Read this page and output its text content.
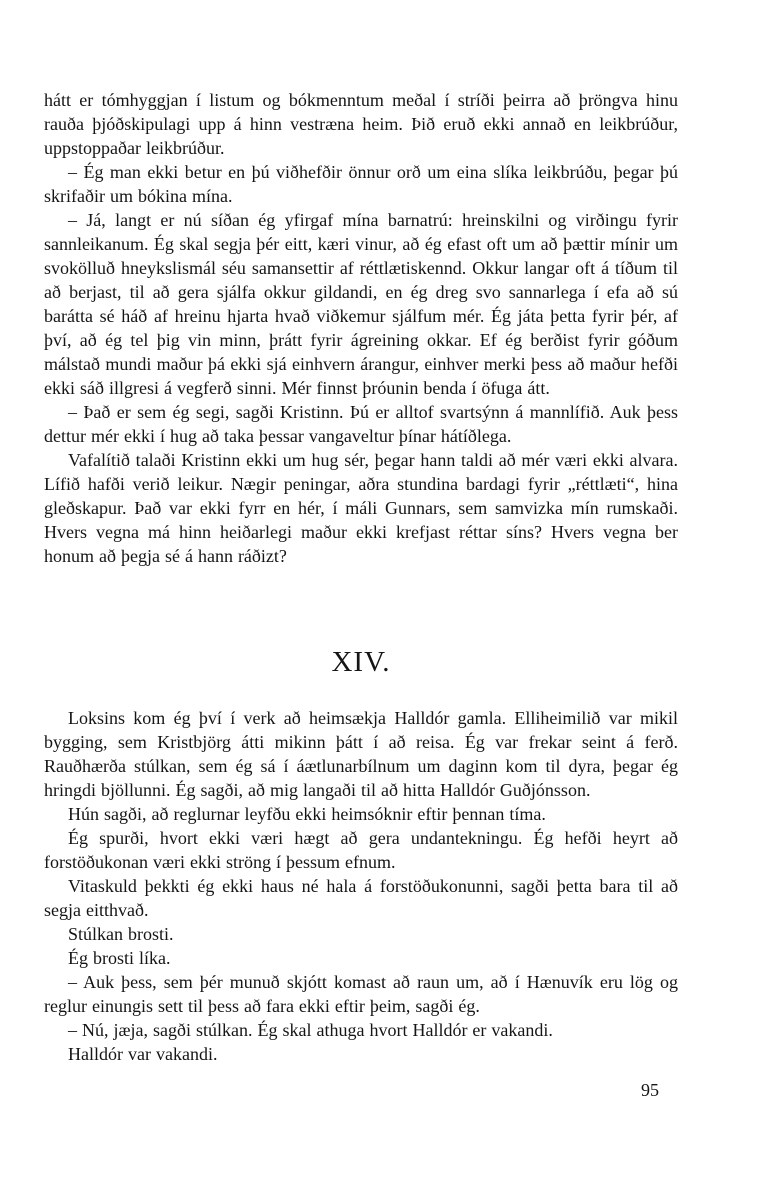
hátt er tómhyggjan í listum og bókmenntum meðal í stríði þeirra að þröngva hinu rauða þjóðskipulagi upp á hinn vestræna heim. Þið eruð ekki annað en leikbrúður, uppstoppaðar leikbrúður.

– Ég man ekki betur en þú viðhefðir önnur orð um eina slíka leikbrúðu, þegar þú skrifaðir um bókina mína.

– Já, langt er nú síðan ég yfirgaf mína barnatrú: hreinskilni og virðingu fyrir sannleikanum. Ég skal segja þér eitt, kæri vinur, að ég efast oft um að þættir mínir um svokölluð hneykslismál séu samansettir af réttlætiskennd. Okkur langar oft á tíðum til að berjast, til að gera sjálfa okkur gildandi, en ég dreg svo sannarlega í efa að sú barátta sé háð af hreinu hjarta hvað viðkemur sjálfum mér. Ég játa þetta fyrir þér, af því, að ég tel þig vin minn, þrátt fyrir ágreining okkar. Ef ég berðist fyrir góðum málstað mundi maður þá ekki sjá einhvern árangur, einhver merki þess að maður hefði ekki sáð illgresi á vegferð sinni. Mér finnst þróunin benda í öfuga átt.

– Það er sem ég segi, sagði Kristinn. Þú er alltof svartsýnn á mannlífið. Auk þess dettur mér ekki í hug að taka þessar vangaveltur þínar hátíðlega.

Vafalítið talaði Kristinn ekki um hug sér, þegar hann taldi að mér væri ekki alvara. Lífið hafði verið leikur. Nægir peningar, aðra stundina bardagi fyrir „réttlæti“, hina gleðskapur. Það var ekki fyrr en hér, í máli Gunnars, sem samvizka mín rumskaði. Hvers vegna má hinn heiðarlegi maður ekki krefjast réttar síns? Hvers vegna ber honum að þegja sé á hann ráðizt?

XIV.

Loksins kom ég því í verk að heimsækja Halldór gamla. Elliheimilið var mikil bygging, sem Kristbjörg átti mikinn þátt í að reisa. Ég var frekar seint á ferð. Rauðhærða stúlkan, sem ég sá í áætlunarbílnum um daginn kom til dyra, þegar ég hringdi bjöllunni. Ég sagði, að mig langaði til að hitta Halldór Guðjónsson.

Hún sagði, að reglurnar leyfðu ekki heimsóknir eftir þennan tíma.

Ég spurði, hvort ekki væri hægt að gera undantekningu. Ég hefði heyrt að forstöðukonan væri ekki ströng í þessum efnum.

Vitaskuld þekkti ég ekki haus né hala á forstöðukonunni, sagði þetta bara til að segja eitthvað.

Stúlkan brosti.

Ég brosti líka.

– Auk þess, sem þér munuð skjótt komast að raun um, að í Hænuvík eru lög og reglur einungis sett til þess að fara ekki eftir þeim, sagði ég.

– Nú, jæja, sagði stúlkan. Ég skal athuga hvort Halldór er vakandi.

Halldór var vakandi.

95
